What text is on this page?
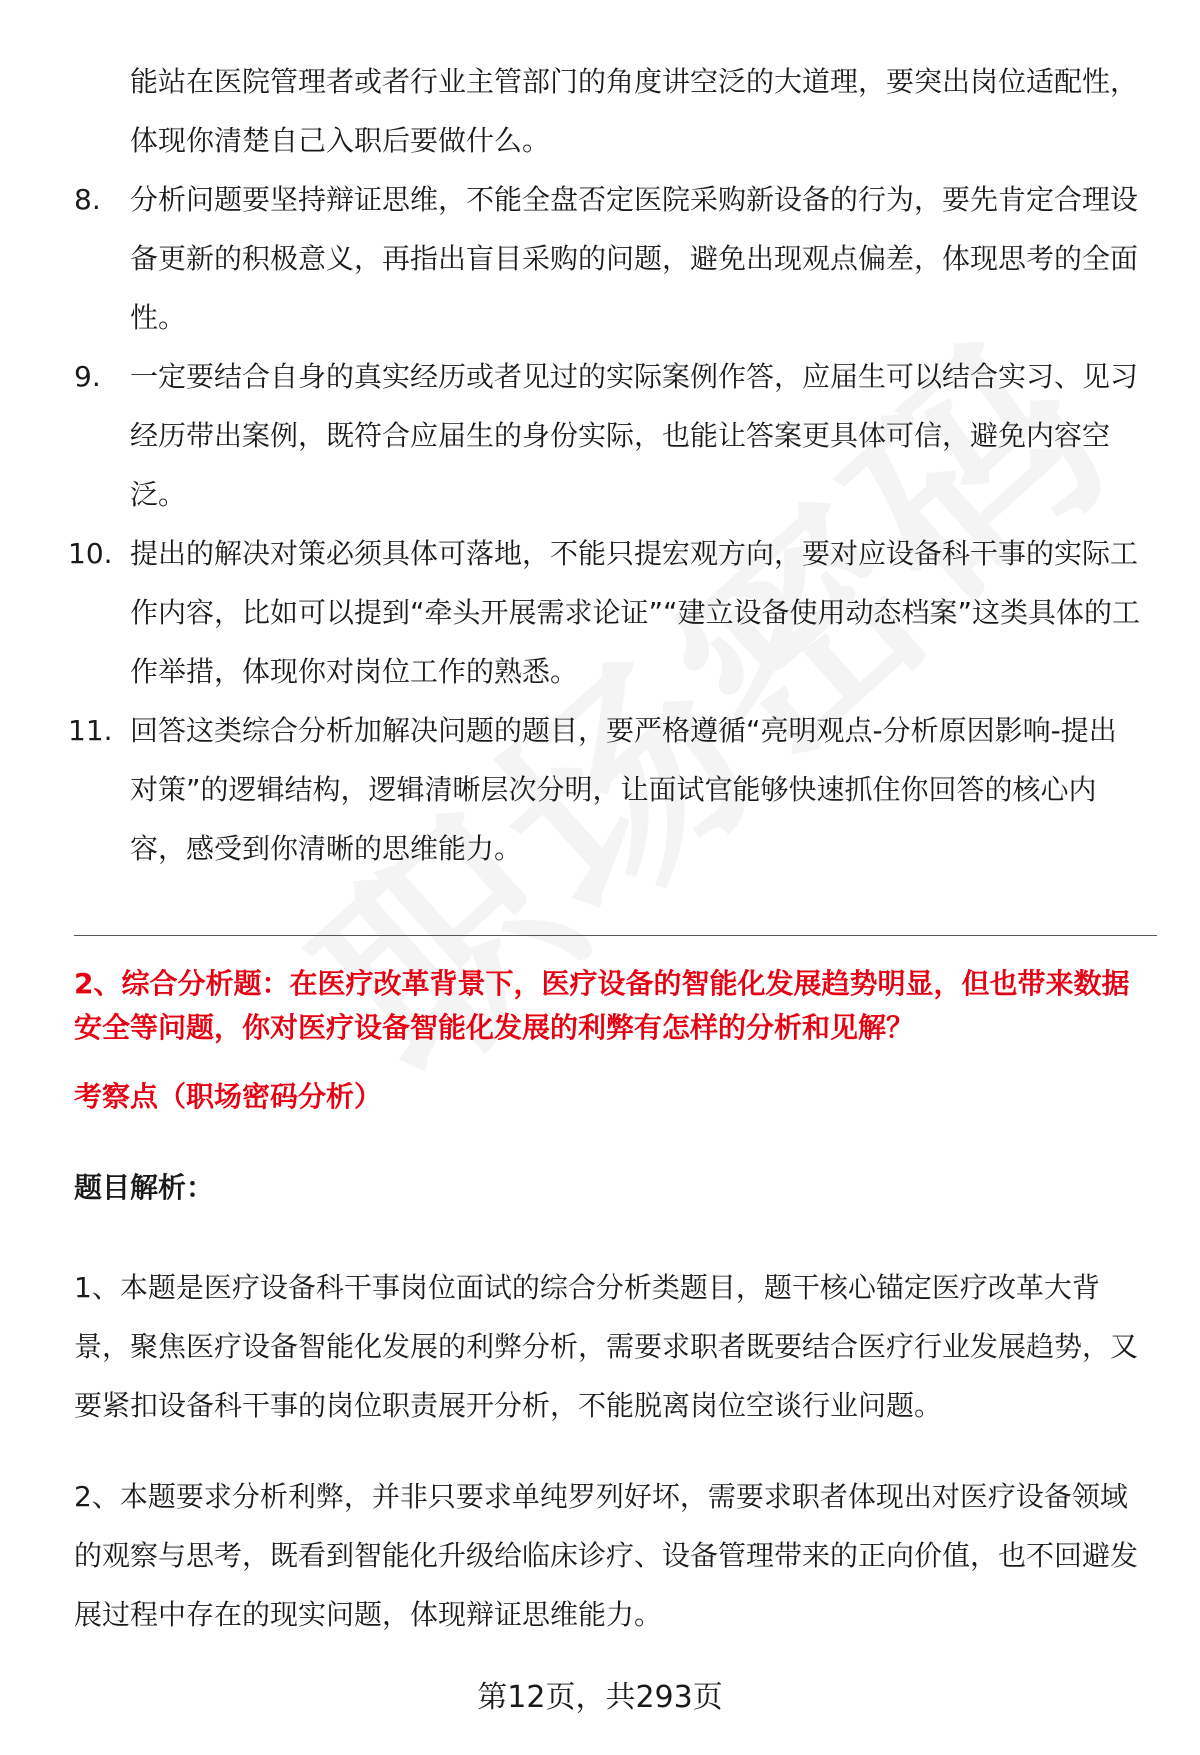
能站在医院管理者或者行业主管部门的角度讲空泛的大道理，要突出岗位适配性，体现你清楚自己入职后要做什么。

8.	分析问题要坚持辩证思维，不能全盘否定医院采购新设备的行为，要先肯定合理设备更新的积极意义，再指出盲目采购的问题，避免出现观点偏差，体现思考的全面性。

9.	一定要结合自身的真实经历或者见过的实际案例作答，应届生可以结合实习、见习经历带出案例，既符合应届生的身份实际，也能让答案更具体可信，避免内容空泛。

10. 提出的解决对策必须具体可落地，不能只提宏观方向，要对应设备科干事的实际工作内容，比如可以提到“牵头开展需求论证”“建立设备使用动态档案”这类具体的工作举措，体现你对岗位工作的熟悉。

11. 回答这类综合分析加解决问题的题目，要严格遵循“亮明观点-分析原因影响-提出对策”的逻辑结构，逻辑清晰层次分明，让面试官能够快速抓住你回答的核心内容，感受到你清晰的思维能力。

2、综合分析题：在医疗改革背景下，医疗设备的智能化发展趋势明显，但也带来数据安全等问题，你对医疗设备智能化发展的利弊有怎样的分析和见解？

考察点（职场密码分析）

题目解析：

1、本题是医疗设备科干事岗位面试的综合分析类题目，题干核心锚定医疗改革大背景，聚焦医疗设备智能化发展的利弊分析，需要求职者既要结合医疗行业发展趋势，又要紧扣设备科干事的岗位职责展开分析，不能脱离岗位空谈行业问题。

2、本题要求分析利弊，并非只要求单纯罗列好坏，需要求职者体现出对医疗设备领域的观察与思考，既看到智能化升级给临床诊疗、设备管理带来的正向价值，也不回避发展过程中存在的现实问题，体现辩证思维能力。

第12页，共293页
